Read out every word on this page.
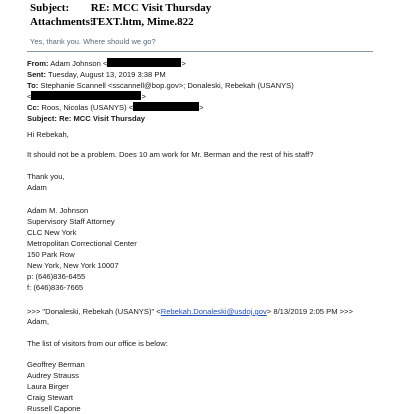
Subject: RE: MCC Visit Thursday
Attachments: TEXT.htm, Mime.822
Yes, thank you. Where should we go?
From: Adam Johnson <	>
Sent: Tuesday, August 13, 2019 3:38 PM
To: Stephanie Scannell <sscannell@bop.gov>; Donaleski, Rebekah (USANYS)
<	>
Cc: Roos, Nicolas (USANYS) <	>
Subject: Re: MCC Visit Thursday
Hi Rebekah,
It should not be a problem. Does 10 am work for Mr. Berman and the rest of his staff?
Thank you,
Adam
Adam M. Johnson
Supervisory Staff Attorney
CLC New York
Metropolitan Correctional Center
150 Park Row
New York, New York 10007
p: (646)836-6455
f: (646)836-7665
>>> "Donaleski, Rebekah (USANYS)" <Rebekah.Donaleski@usdoj.gov> 8/13/2019 2:05 PM >>>
Adam,
The list of visitors from our office is below:
Geoffrey Berman
Audrey Strauss
Laura Birger
Craig Stewart
Russell Capone
